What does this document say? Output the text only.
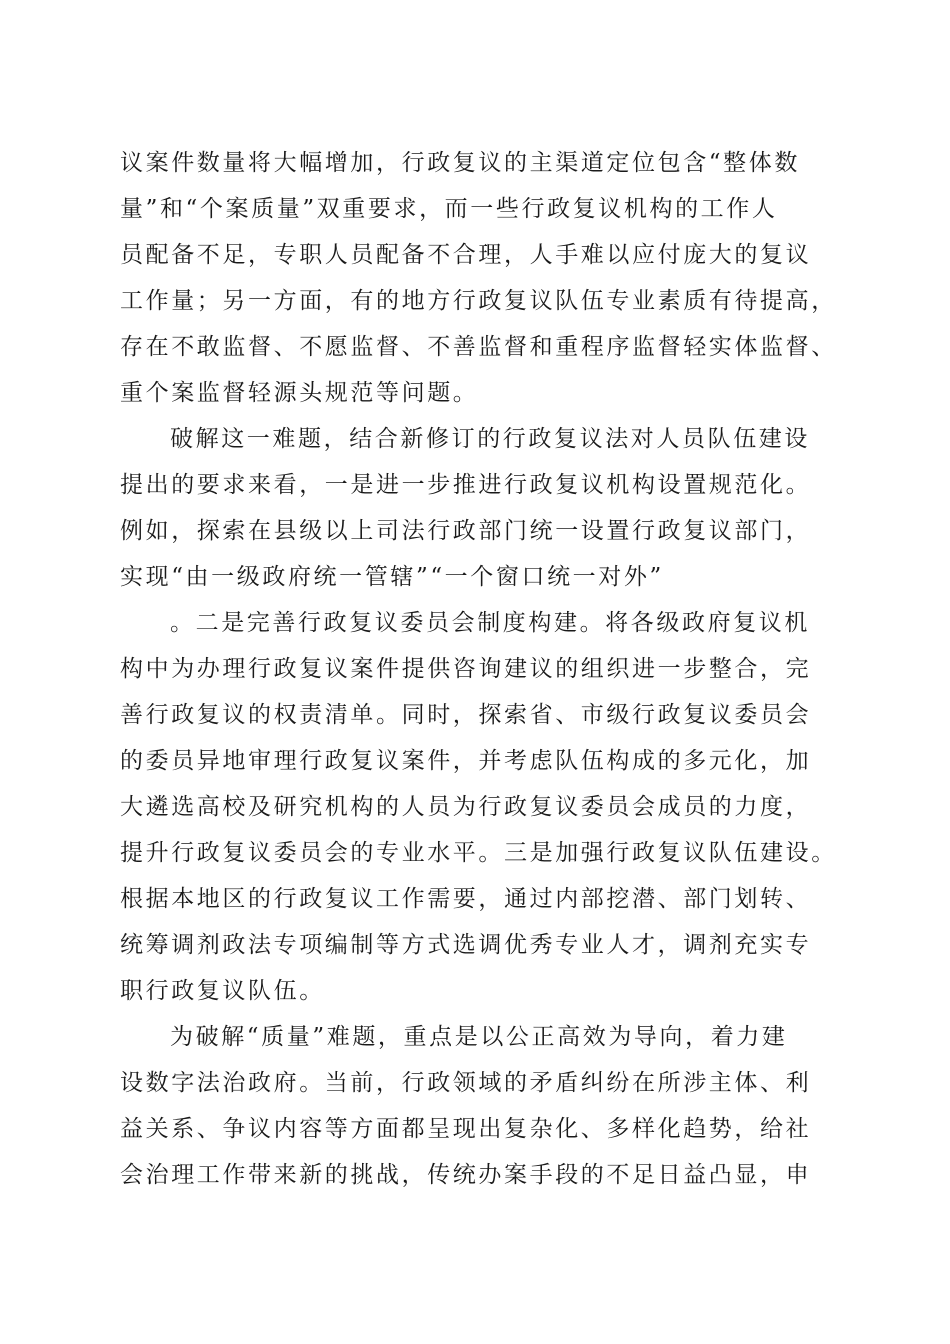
议案件数量将大幅增加，行政复议的主渠道定位包含“整体数
量”和“个案质量”双重要求，而一些行政复议机构的工作人
员配备不足，专职人员配备不合理，人手难以应付庞大的复议
工作量；另一方面，有的地方行政复议队伍专业素质有待提高，
存在不敢监督、不愿监督、不善监督和重程序监督轻实体监督、
重个案监督轻源头规范等问题。
破解这一难题，结合新修订的行政复议法对人员队伍建设
提出的要求来看，一是进一步推进行政复议机构设置规范化。
例如，探索在县级以上司法行政部门统一设置行政复议部门，
实现“由一级政府统一管辖”“一个窗口统一对外”
。二是完善行政复议委员会制度构建。将各级政府复议机
构中为办理行政复议案件提供咨询建议的组织进一步整合，完
善行政复议的权责清单。同时，探索省、市级行政复议委员会
的委员异地审理行政复议案件，并考虑队伍构成的多元化，加
大遴选高校及研究机构的人员为行政复议委员会成员的力度，
提升行政复议委员会的专业水平。三是加强行政复议队伍建设。
根据本地区的行政复议工作需要，通过内部挖潜、部门划转、
统筹调剂政法专项编制等方式选调优秀专业人才，调剂充实专
职行政复议队伍。
为破解“质量”难题，重点是以公正高效为导向，着力建
设数字法治政府。当前，行政领域的矛盾纠纷在所涉主体、利
益关系、争议内容等方面都呈现出复杂化、多样化趋势，给社
会治理工作带来新的挑战，传统办案手段的不足日益凸显，申
